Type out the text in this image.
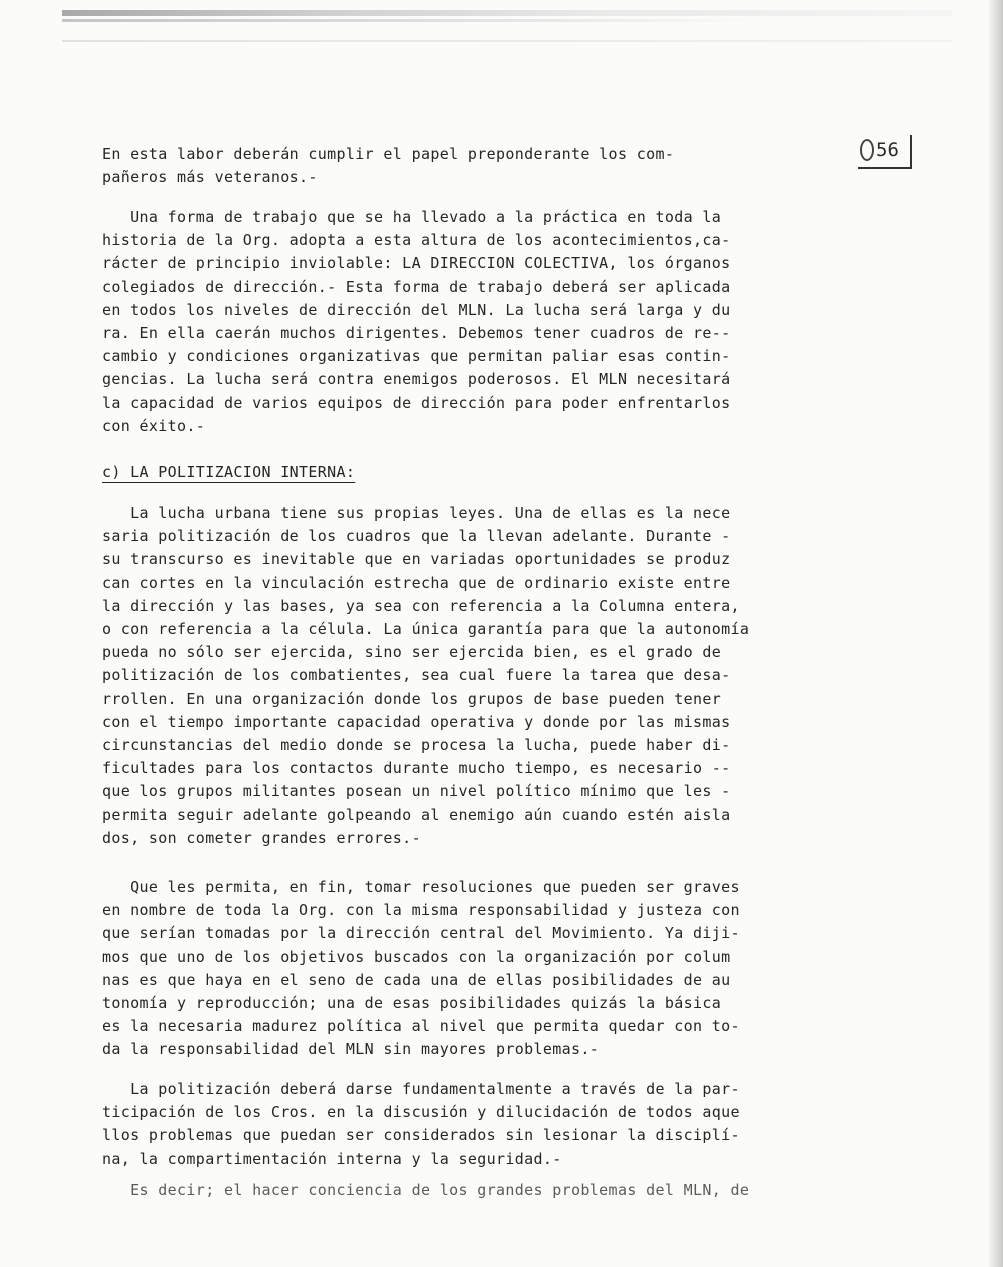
56
En esta labor deberán cumplir el papel preponderante los com-
pañeros más veteranos.-
Una forma de trabajo que se ha llevado a la práctica en toda la
historia de la Org. adopta a esta altura de los acontecimientos,ca-
rácter de principio inviolable: LA DIRECCION COLECTIVA, los órganos
colegiados de dirección.- Esta forma de trabajo deberá ser aplicada
en todos los niveles de dirección del MLN. La lucha será larga y du
ra. En ella caerán muchos dirigentes. Debemos tener cuadros de re--
cambio y condiciones organizativas que permitan paliar esas contin-
gencias. La lucha será contra enemigos poderosos. El MLN necesitará
la capacidad de varios equipos de dirección para poder enfrentarlos
con éxito.-
c) LA POLITIZACION INTERNA:
La lucha urbana tiene sus propias leyes. Una de ellas es la nece
saria politización de los cuadros que la llevan adelante. Durante -
su transcurso es inevitable que en variadas oportunidades se produz
can cortes en la vinculación estrecha que de ordinario existe entre
la dirección y las bases, ya sea con referencia a la Columna entera,
o con referencia a la célula. La única garantía para que la autonomía
pueda no sólo ser ejercida, sino ser ejercida bien, es el grado de
politización de los combatientes, sea cual fuere la tarea que desa-
rrollen. En una organización donde los grupos de base pueden tener
con el tiempo importante capacidad operativa y donde por las mismas
circunstancias del medio donde se procesa la lucha, puede haber di-
ficultades para los contactos durante mucho tiempo, es necesario --
que los grupos militantes posean un nivel político mínimo que les -
permita seguir adelante golpeando al enemigo aún cuando estén aisla
dos, son cometer grandes errores.-
Que les permita, en fin, tomar resoluciones que pueden ser graves
en nombre de toda la Org. con la misma responsabilidad y justeza con
que serían tomadas por la dirección central del Movimiento. Ya diji-
mos que uno de los objetivos buscados con la organización por colum
nas es que haya en el seno de cada una de ellas posibilidades de au
tonomía y reproducción; una de esas posibilidades quizás la básica
es la necesaria madurez política al nivel que permita quedar con to-
da la responsabilidad del MLN sin mayores problemas.-
La politización deberá darse fundamentalmente a través de la par-
ticipación de los Cros. en la discusión y dilucidación de todos aque
llos problemas que puedan ser considerados sin lesionar la disciplí-
na, la compartimentación interna y la seguridad.-
Es decir; el hacer conciencia de los grandes problemas del MLN, de
